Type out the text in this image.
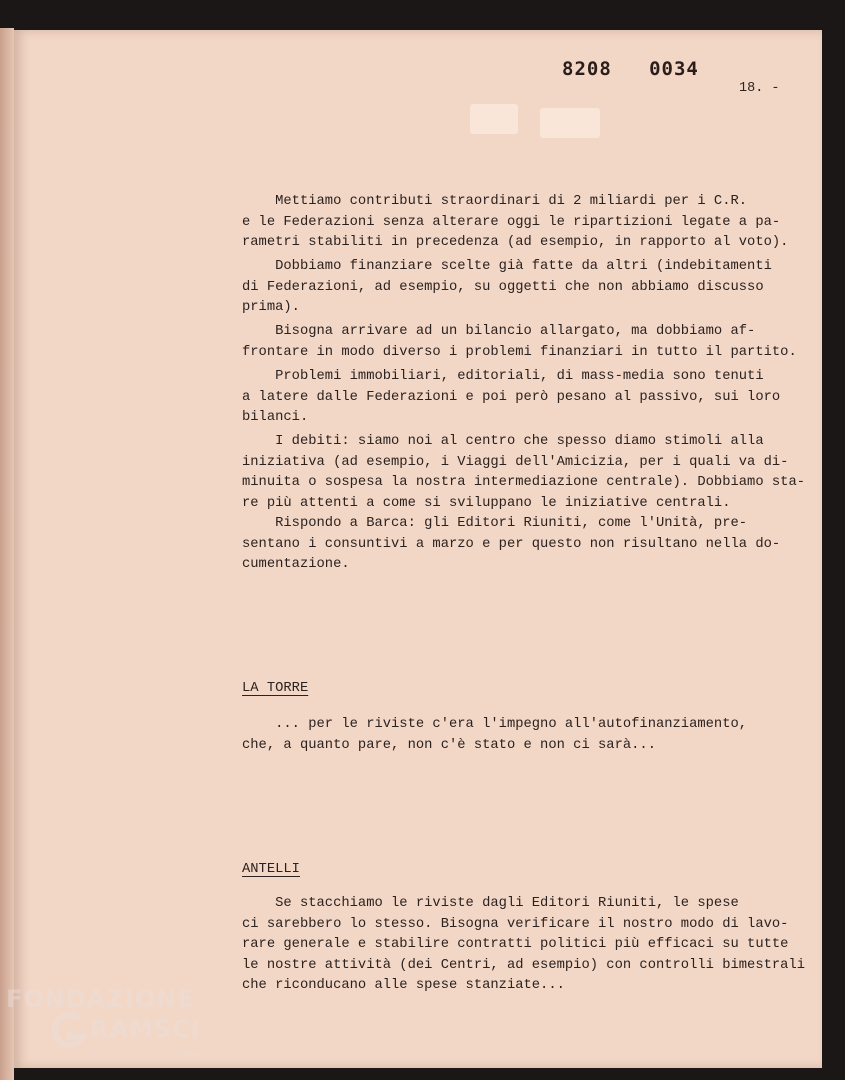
8208   0034
18. -
Mettiamo contributi straordinari di 2 miliardi per i C.R.
e le Federazioni senza alterare oggi le ripartizioni legate a pa-
rametri stabiliti in precedenza (ad esempio, in rapporto al voto).
Dobbiamo finanziare scelte già fatte da altri (indebitamenti
di Federazioni, ad esempio, su oggetti che non abbiamo discusso
prima).
Bisogna arrivare ad un bilancio allargato, ma dobbiamo af-
frontare in modo diverso i problemi finanziari in tutto il partito.
Problemi immobiliari, editoriali, di mass-media sono tenuti
a latere dalle Federazioni e poi però pesano al passivo, sui loro
bilanci.
I debiti: siamo noi al centro che spesso diamo stimoli alla
iniziativa (ad esempio, i Viaggi dell'Amicizia, per i quali va di-
minuita o sospesa la nostra intermediazione centrale). Dobbiamo sta-
re più attenti a come si sviluppano le iniziative centrali.
Rispondo a Barca: gli Editori Riuniti, come l'Unità, pre-
sentano i consuntivi a marzo e per questo non risultano nella do-
cumentazione.
LA TORRE
... per le riviste c'era l'impegno all'autofinanziamento,
che, a quanto pare, non c'è stato e non ci sarà...
ANTELLI
Se stacchiamo le riviste dagli Editori Riuniti, le spese
ci sarebbero lo stesso. Bisogna verificare il nostro modo di lavo-
rare generale e stabilire contratti politici più efficaci su tutte
le nostre attività (dei Centri, ad esempio) con controlli bimestrali
che riconducano alle spese stanziate...
FONDAZIONE
RAMSCI
onlus
